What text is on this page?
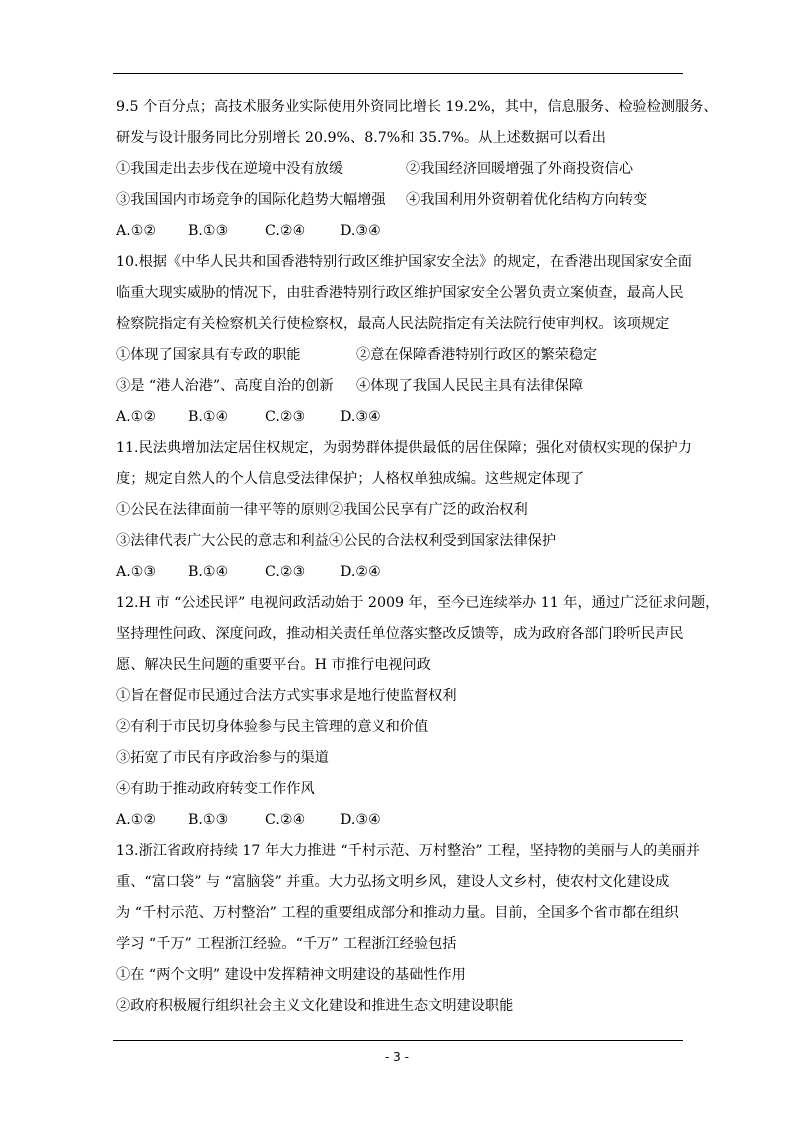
9.5 个百分点；高技术服务业实际使用外资同比增长 19.2%，其中，信息服务、检验检测服务、
研发与设计服务同比分别增长 20.9%、8.7%和 35.7%。从上述数据可以看出
①我国走出去步伐在逆境中没有放缓	②我国经济回暖增强了外商投资信心
③我国国内市场竞争的国际化趋势大幅增强	④我国利用外资朝着优化结构方向转变
A.①②	B.①③	C.②④	D.③④
10.根据《中华人民共和国香港特别行政区维护国家安全法》的规定，在香港出现国家安全面
临重大现实威胁的情况下，由驻香港特别行政区维护国家安全公署负责立案侦查，最高人民
检察院指定有关检察机关行使检察权，最高人民法院指定有关法院行使审判权。该项规定
①体现了国家具有专政的职能	②意在保障香港特别行政区的繁荣稳定
③是 “港人治港”、高度自治的创新	④体现了我国人民民主具有法律保障
A.①②	B.①④	C.②③	D.③④
11.民法典增加法定居住权规定，为弱势群体提供最低的居住保障；强化对债权实现的保护力
度；规定自然人的个人信息受法律保护；人格权单独成编。这些规定体现了
①公民在法律面前一律平等的原则 ②我国公民享有广泛的政治权利
③法律代表广大公民的意志和利益 ④公民的合法权利受到国家法律保护
A.①③	B.①④	C.②③	D.②④
12.H 市 “公述民评” 电视问政活动始于 2009 年，至今已连续举办 11 年，通过广泛征求问题，
坚持理性问政、深度问政，推动相关责任单位落实整改反馈等，成为政府各部门聆听民声民
愿、解决民生问题的重要平台。H 市推行电视问政
①旨在督促市民通过合法方式实事求是地行使监督权利
②有利于市民切身体验参与民主管理的意义和价值
③拓宽了市民有序政治参与的渠道
④有助于推动政府转变工作作风
A.①②	B.①③	C.②④	D.③④
13.浙江省政府持续 17 年大力推进 “千村示范、万村整治” 工程，坚持物的美丽与人的美丽并
重、“富口袋” 与 “富脑袋” 并重。大力弘扬文明乡风，建设人文乡村，使农村文化建设成
为 “千村示范、万村整治” 工程的重要组成部分和推动力量。目前，全国多个省市都在组织
学习 “千万” 工程浙江经验。“千万” 工程浙江经验包括
①在 “两个文明” 建设中发挥精神文明建设的基础性作用
②政府积极履行组织社会主义文化建设和推进生态文明建设职能
- 3 -
